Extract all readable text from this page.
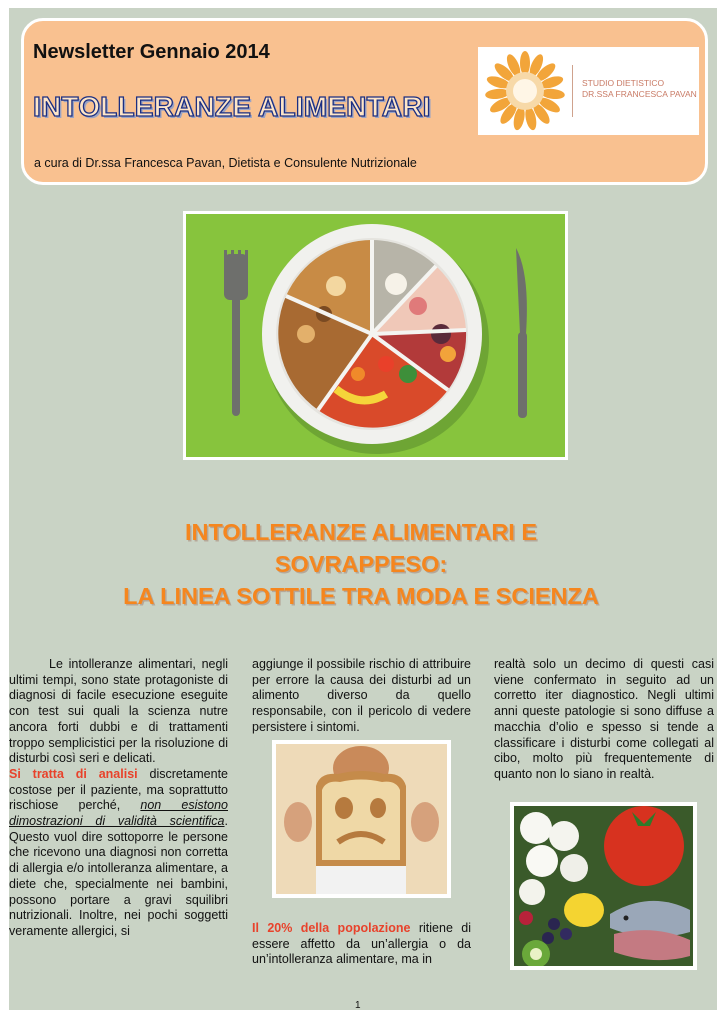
Newsletter Gennaio 2014
INTOLLERANZE ALIMENTARI

a cura di Dr.ssa Francesca Pavan, Dietista e Consulente Nutrizionale

STUDIO DIETISTICO
DR.SSA FRANCESCA PAVAN
INTOLLERANZE ALIMENTARI E
SOVRAPPESO:
LA LINEA SOTTILE TRA MODA E SCIENZA

Le intolleranze alimentari, negli ultimi tempi, sono state protagoniste di diagnosi di facile esecuzione eseguite con test sui quali la scienza nutre ancora forti dubbi e di trattamenti troppo semplicistici per la risoluzione di disturbi così seri e delicati.

Si tratta di analisi discretamente costose per il paziente, ma soprattutto rischiose perché, non esistono dimostrazioni di validità scientifica. Questo vuol dire sottoporre le persone che ricevono una diagnosi non corretta di allergia e/o intolleranza alimentare, a diete che, specialmente nei bambini, possono portare a gravi squilibri nutrizionali. Inoltre, nei pochi soggetti veramente allergici, si

aggiunge il possibile rischio di attribuire per errore la causa dei disturbi ad un alimento diverso da quello responsabile, con il pericolo di vedere persistere i sintomi.

Il 20% della popolazione ritiene di essere affetto da un’allergia o da un’intolleranza alimentare, ma in

realtà solo un decimo di questi casi viene confermato in seguito ad un corretto iter diagnostico. Negli ultimi anni queste patologie si sono diffuse a macchia d’olio e spesso si tende a classificare i disturbi come collegati al cibo, molto più frequentemente di quanto non lo siano in realtà.

1
